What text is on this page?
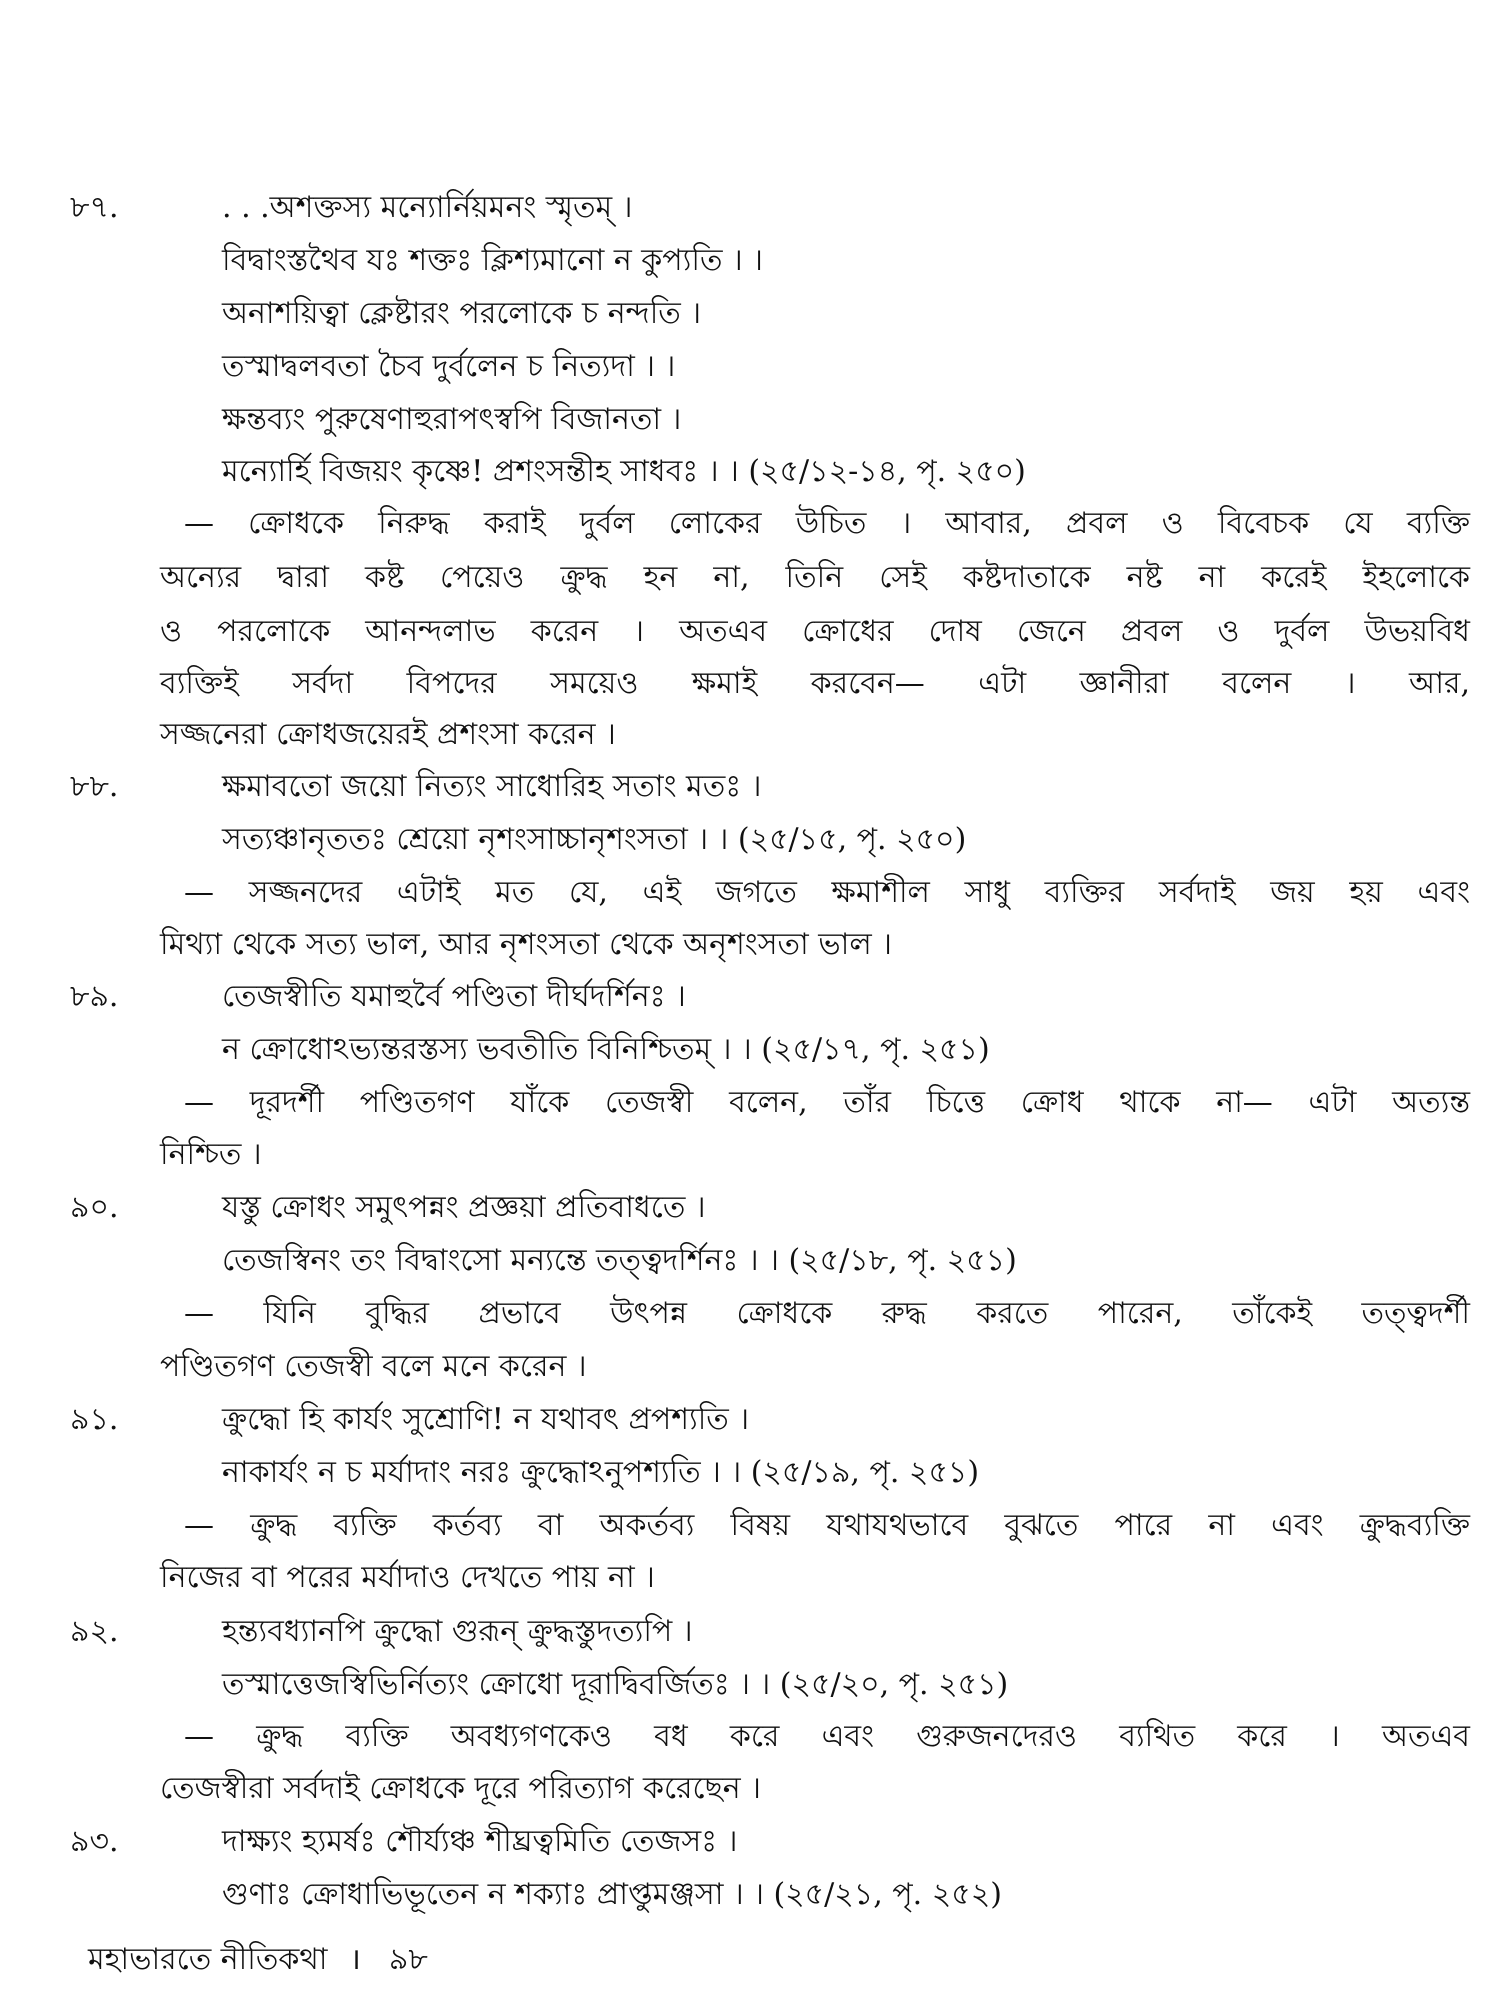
৮৭.	. . .অশক্তস্য মন্যোর্নিয়মনং স্মৃতম্ ।
বিদ্বাংস্তথৈব যঃ শক্তঃ ক্লিশ্যমানো ন কুপ্যতি । ।
অনাশয়িত্বা ক্লেষ্টারং পরলোকে চ নন্দতি ।
তস্মাদ্বলবতা চৈব দুর্বলেন চ নিত্যদা । ।
ক্ষন্তব্যং পুরুষেণাহুরাপৎস্বপি বিজানতা ।
মন্যোর্হি বিজয়ং কৃষ্ণে! প্রশংসন্তীহ সাধবঃ । । (২৫/১২-১৪, পৃ. ২৫০)
— ক্রোধকে নিরুদ্ধ করাই দুর্বল লোকের উচিত । আবার, প্রবল ও বিবেচক যে ব্যক্তি
অন্যের দ্বারা কষ্ট পেয়েও ক্রুদ্ধ হন না, তিনি সেই কষ্টদাতাকে নষ্ট না করেই ইহলোকে
ও পরলোকে আনন্দলাভ করেন । অতএব ক্রোধের দোষ জেনে প্রবল ও দুর্বল উভয়বিধ
ব্যক্তিই সর্বদা বিপদের সময়েও ক্ষমাই করবেন— এটা জ্ঞানীরা বলেন । আর,
সজ্জনেরা ক্রোধজয়েরই প্রশংসা করেন ।
৮৮.	ক্ষমাবতো জয়ো নিত্যং সাধোরিহ সতাং মতঃ ।
সত্যঞ্চানৃততঃ শ্রেয়ো নৃশংসাচ্চানৃশংসতা । । (২৫/১৫, পৃ. ২৫০)
— সজ্জনদের এটাই মত যে, এই জগতে ক্ষমাশীল সাধু ব্যক্তির সর্বদাই জয় হয় এবং
মিথ্যা থেকে সত্য ভাল, আর নৃশংসতা থেকে অনৃশংসতা ভাল ।
৮৯.	তেজস্বীতি যমাহুর্বৈ পণ্ডিতা দীর্ঘদর্শিনঃ ।
ন ক্রোধোঽভ্যন্তরস্তস্য ভবতীতি বিনিশ্চিতম্ । । (২৫/১৭, পৃ. ২৫১)
— দূরদর্শী পণ্ডিতগণ যাঁকে তেজস্বী বলেন, তাঁর চিত্তে ক্রোধ থাকে না— এটা অত্যন্ত
নিশ্চিত ।
৯০.	যস্তু ক্রোধং সমুৎপন্নং প্রজ্ঞয়া প্রতিবাধতে ।
তেজস্বিনং তং বিদ্বাংসো মন্যন্তে তত্ত্বদর্শিনঃ । । (২৫/১৮, পৃ. ২৫১)
— যিনি বুদ্ধির প্রভাবে উৎপন্ন ক্রোধকে রুদ্ধ করতে পারেন, তাঁকেই তত্ত্বদর্শী
পণ্ডিতগণ তেজস্বী বলে মনে করেন ।
৯১.	ক্রুদ্ধো হি কার্যং সুশ্রোণি! ন যথাবৎ প্রপশ্যতি ।
নাকার্যং ন চ মর্যাদাং নরঃ ক্রুদ্ধোঽনুপশ্যতি । । (২৫/১৯, পৃ. ২৫১)
— ক্রুদ্ধ ব্যক্তি কর্তব্য বা অকর্তব্য বিষয় যথাযথভাবে বুঝতে পারে না এবং ক্রুদ্ধব্যক্তি
নিজের বা পরের মর্যাদাও দেখতে পায় না ।
৯২.	হন্ত্যবধ্যানপি ক্রুদ্ধো গুরূন্ ক্রুদ্ধস্তুদত্যপি ।
তস্মাত্তেজস্বিভির্নিত্যং ক্রোধো দূরাদ্বিবর্জিতঃ । । (২৫/২০, পৃ. ২৫১)
— ক্রুদ্ধ ব্যক্তি অবধ্যগণকেও বধ করে এবং গুরুজনদেরও ব্যথিত করে । অতএব
তেজস্বীরা সর্বদাই ক্রোধকে দূরে পরিত্যাগ করেছেন ।
৯৩.	দাক্ষ্যং হ্যমর্ষঃ শৌর্য্যঞ্চ শীঘ্রত্বমিতি তেজসঃ ।
গুণাঃ ক্রোধাভিভূতেন ন শক্যাঃ প্রাপ্তুমঞ্জসা । । (২৫/২১, পৃ. ২৫২)
মহাভারতে নীতিকথা । ৯৮
